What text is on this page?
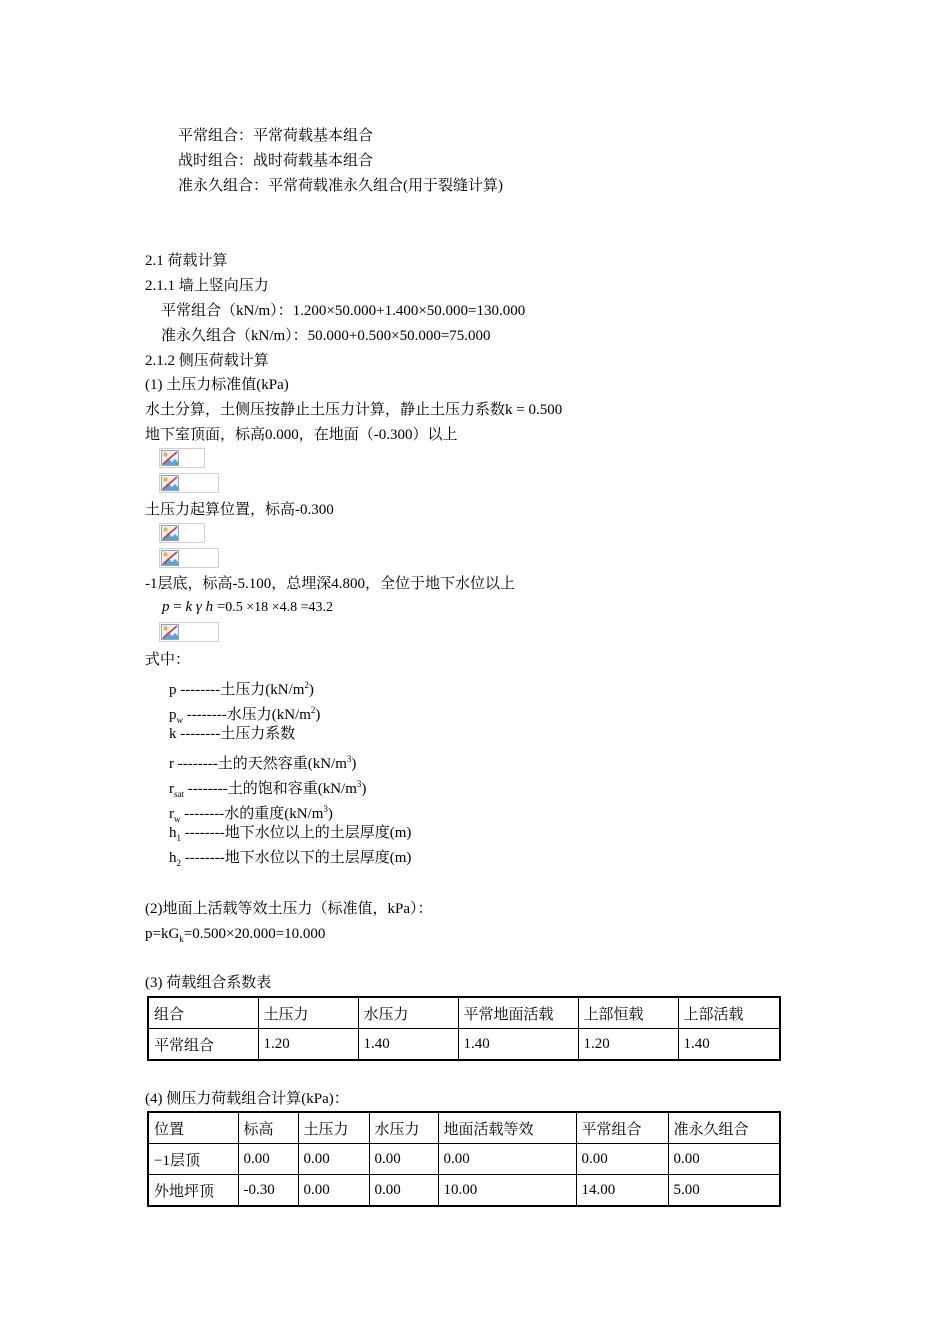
平常组合：平常荷载基本组合
战时组合：战时荷载基本组合
准永久组合：平常荷载准永久组合(用于裂缝计算)
2.1 荷载计算
2.1.1 墙上竖向压力
平常组合（kN/m）：1.200×50.000+1.400×50.000=130.000
准永久组合（kN/m）：50.000+0.500×50.000=75.000
2.1.2 侧压荷载计算
(1) 土压力标准值(kPa)
水土分算，土侧压按静止土压力计算，静止土压力系数k = 0.500
地下室顶面，标高0.000，在地面（-0.300）以上
土压力起算位置，标高-0.300
-1层底，标高-5.100，总埋深4.800，全位于地下水位以上
p = k γ h =0.5 ×18 ×4.8 =43.2
式中：
p --------土压力$(kN/m^2)$
$p_w$ --------水压力$(kN/m^2)$
k --------土压力系数
r --------土的天然容重$(kN/m^3)$
$r_{sat}$ --------土的饱和容重$(kN/m^3)$
$r_w$ --------水的重度$(kN/m^3)$
$h_1$ --------地下水位以上的土层厚度(m)
$h_2$ --------地下水位以下的土层厚度(m)
(2)地面上活载等效土压力（标准值，kPa）：
$p=kG_k=0.500\times 20.000=10.000$
(3) 荷载组合系数表
组合	土压力	水压力	平常地面活载	上部恒载	上部活载
平常组合	1.20	1.40	1.40	1.20	1.40
(4) 侧压力荷载组合计算(kPa)：
位置	标高	土压力	水压力	地面活载等效	平常组合	准永久组合
−1层顶	0.00	0.00	0.00	0.00	0.00	0.00
外地坪顶	-0.30	0.00	0.00	10.00	14.00	5.00
